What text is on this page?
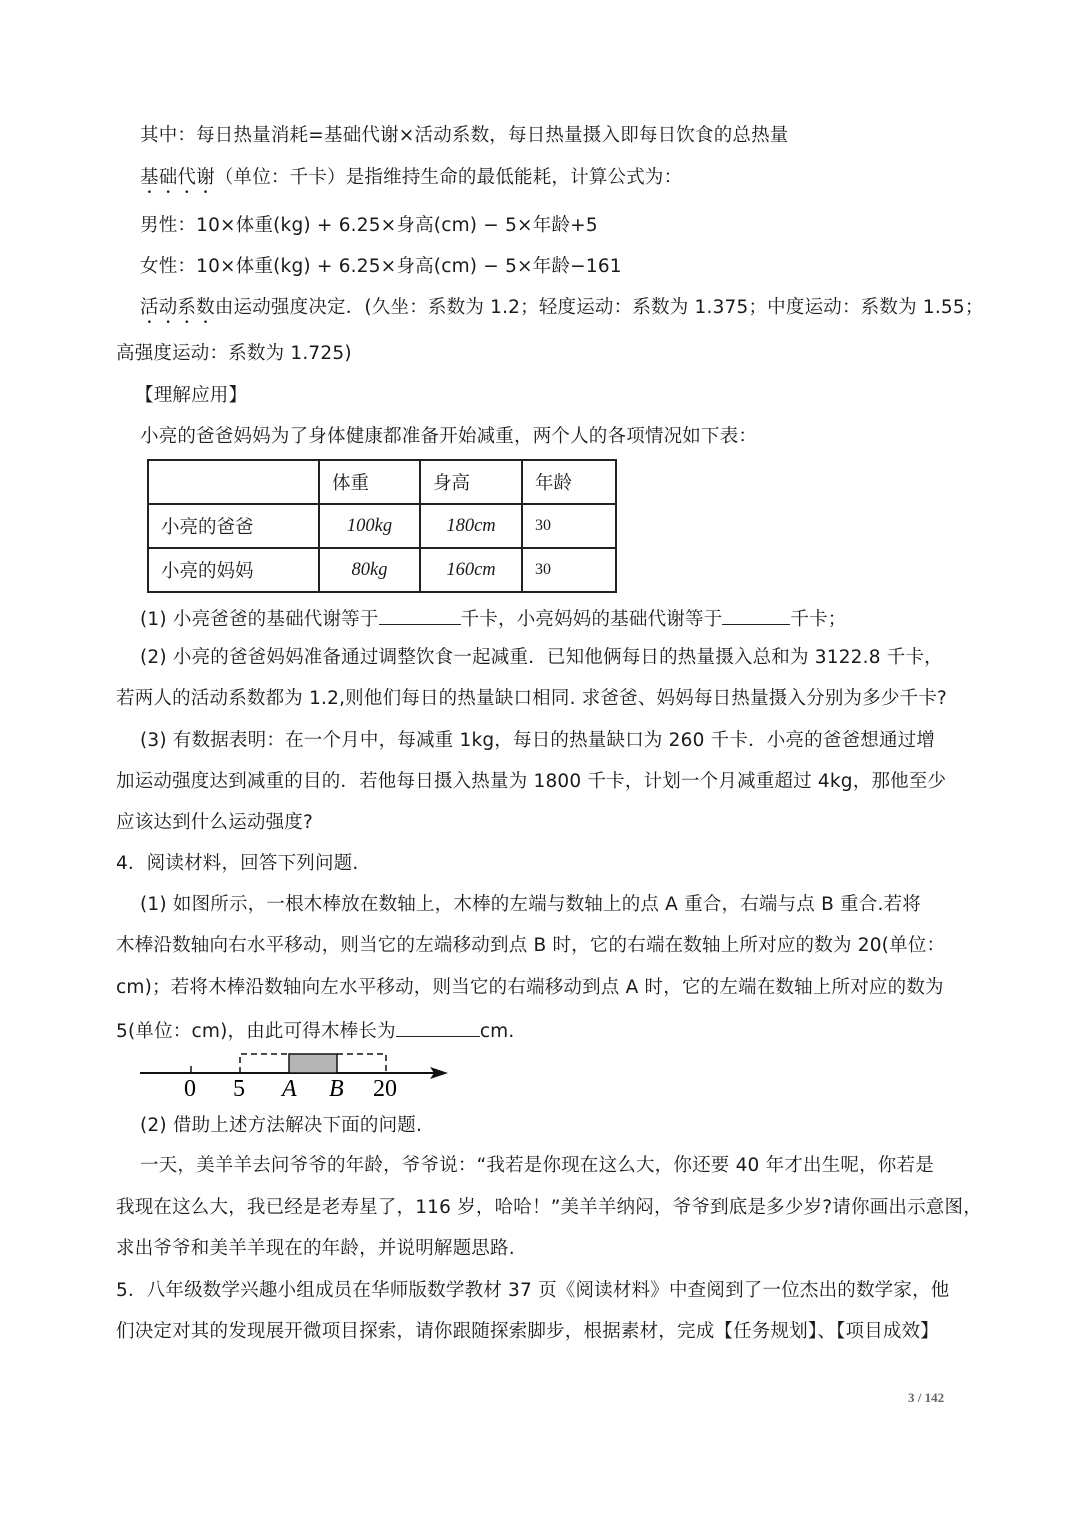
其中：每日热量消耗=基础代谢×活动系数，每日热量摄入即每日饮食的总热量
基础代谢（单位：千卡）是指维持生命的最低能耗，计算公式为：
男性：10×体重(kg) + 6.25×身高(cm) − 5×年龄+5
女性：10×体重(kg) + 6.25×身高(cm) − 5×年龄−161
活动系数由运动强度决定．(久坐：系数为 1.2；轻度运动：系数为 1.375；中度运动：系数为 1.55；
高强度运动：系数为 1.725)
【理解应用】
小亮的爸爸妈妈为了身体健康都准备开始减重，两个人的各项情况如下表：
	体重	身高	年龄
小亮的爸爸	100kg	180cm	30
小亮的妈妈	80kg	160cm	30
(1) 小亮爸爸的基础代谢等于	千卡，小亮妈妈的基础代谢等于	千卡；
(2) 小亮的爸爸妈妈准备通过调整饮食一起减重．已知他俩每日的热量摄入总和为 3122.8 千卡，
若两人的活动系数都为 1.2,则他们每日的热量缺口相同. 求爸爸、妈妈每日热量摄入分别为多少千卡?
(3) 有数据表明：在一个月中，每减重 1kg，每日的热量缺口为 260 千卡．小亮的爸爸想通过增
加运动强度达到减重的目的．若他每日摄入热量为 1800 千卡，计划一个月减重超过 4kg，那他至少
应该达到什么运动强度?
4．阅读材料，回答下列问题.
(1) 如图所示，一根木棒放在数轴上，木棒的左端与数轴上的点 A 重合，右端与点 B 重合.若将
木棒沿数轴向右水平移动，则当它的左端移动到点 B 时，它的右端在数轴上所对应的数为 20(单位：
cm)；若将木棒沿数轴向左水平移动，则当它的右端移动到点 A 时，它的左端在数轴上所对应的数为
5(单位：cm)，由此可得木棒长为	cm.
0 5 A B 20
(2) 借助上述方法解决下面的问题.
一天，美羊羊去问爷爷的年龄，爷爷说：“我若是你现在这么大，你还要 40 年才出生呢，你若是
我现在这么大，我已经是老寿星了，116 岁，哈哈！”美羊羊纳闷，爷爷到底是多少岁?请你画出示意图，
求出爷爷和美羊羊现在的年龄，并说明解题思路.
5．八年级数学兴趣小组成员在华师版数学教材 37 页《阅读材料》中查阅到了一位杰出的数学家，他
们决定对其的发现展开微项目探索，请你跟随探索脚步，根据素材，完成【任务规划】、【项目成效】
3 / 142
